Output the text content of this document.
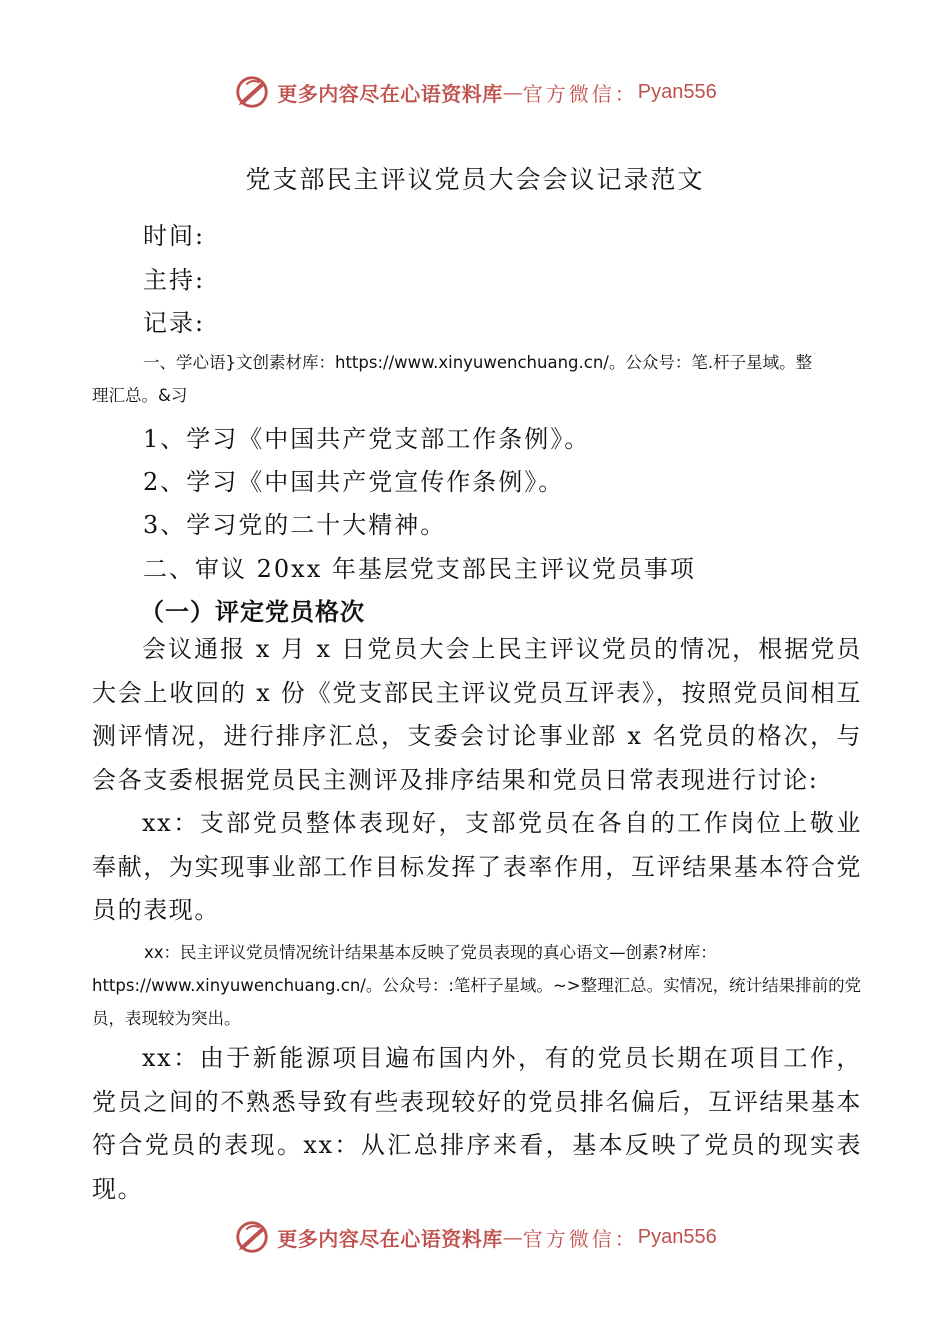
更多内容尽在心语资料库 — 官方微信： Pyan556
党支部民主评议党员大会会议记录范文
时间:
主持:
记录:
一、学心语}文创素材库：https://www.xinyuwenchuang.cn/。公众号：笔.杆子星域。整
理汇总。&习
1、学习《中国共产党支部工作条例》。
2、学习《中国共产党宣传作条例》。
3、学习党的二十大精神。
二、审议 20xx 年基层党支部民主评议党员事项
（一）评定党员格次
会议通报 x 月 x 日党员大会上民主评议党员的情况，根据党员大会上收回的 x 份《党支部民主评议党员互评表》，按照党员间相互测评情况，进行排序汇总，支委会讨论事业部 x 名党员的格次，与会各支委根据党员民主测评及排序结果和党员日常表现进行讨论:
xx：支部党员整体表现好，支部党员在各自的工作岗位上敬业奉献，为实现事业部工作目标发挥了表率作用，互评结果基本符合党员的表现。
xx：民主评议党员情况统计结果基本反映了党员表现的真心语文—创素?材库：https://www.xinyuwenchuang.cn/。公众号：:笔杆子星域。~>整理汇总。实情况，统计结果排前的党员，表现较为突出。
xx：由于新能源项目遍布国内外，有的党员长期在项目工作，党员之间的不熟悉导致有些表现较好的党员排名偏后，互评结果基本符合党员的表现。xx：从汇总排序来看，基本反映了党员的现实表现。
更多内容尽在心语资料库 — 官方微信： Pyan556
